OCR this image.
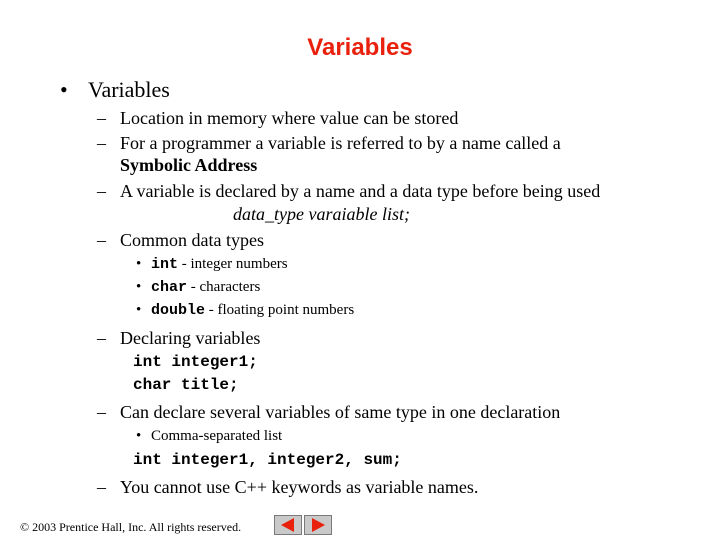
Variables
• Variables
– Location in memory where value can be stored
– For a programmer a variable is referred to by a name called a
Symbolic Address
– A variable is declared by a name and a data type before being used
data_type varaiable list;
– Common data types
• int - integer numbers
• char - characters
• double - floating point numbers
– Declaring variables
int integer1;
char title;
– Can declare several variables of same type in one declaration
• Comma-separated list
int integer1, integer2, sum;
– You cannot use C++ keywords as variable names.
© 2003 Prentice Hall, Inc. All rights reserved.
